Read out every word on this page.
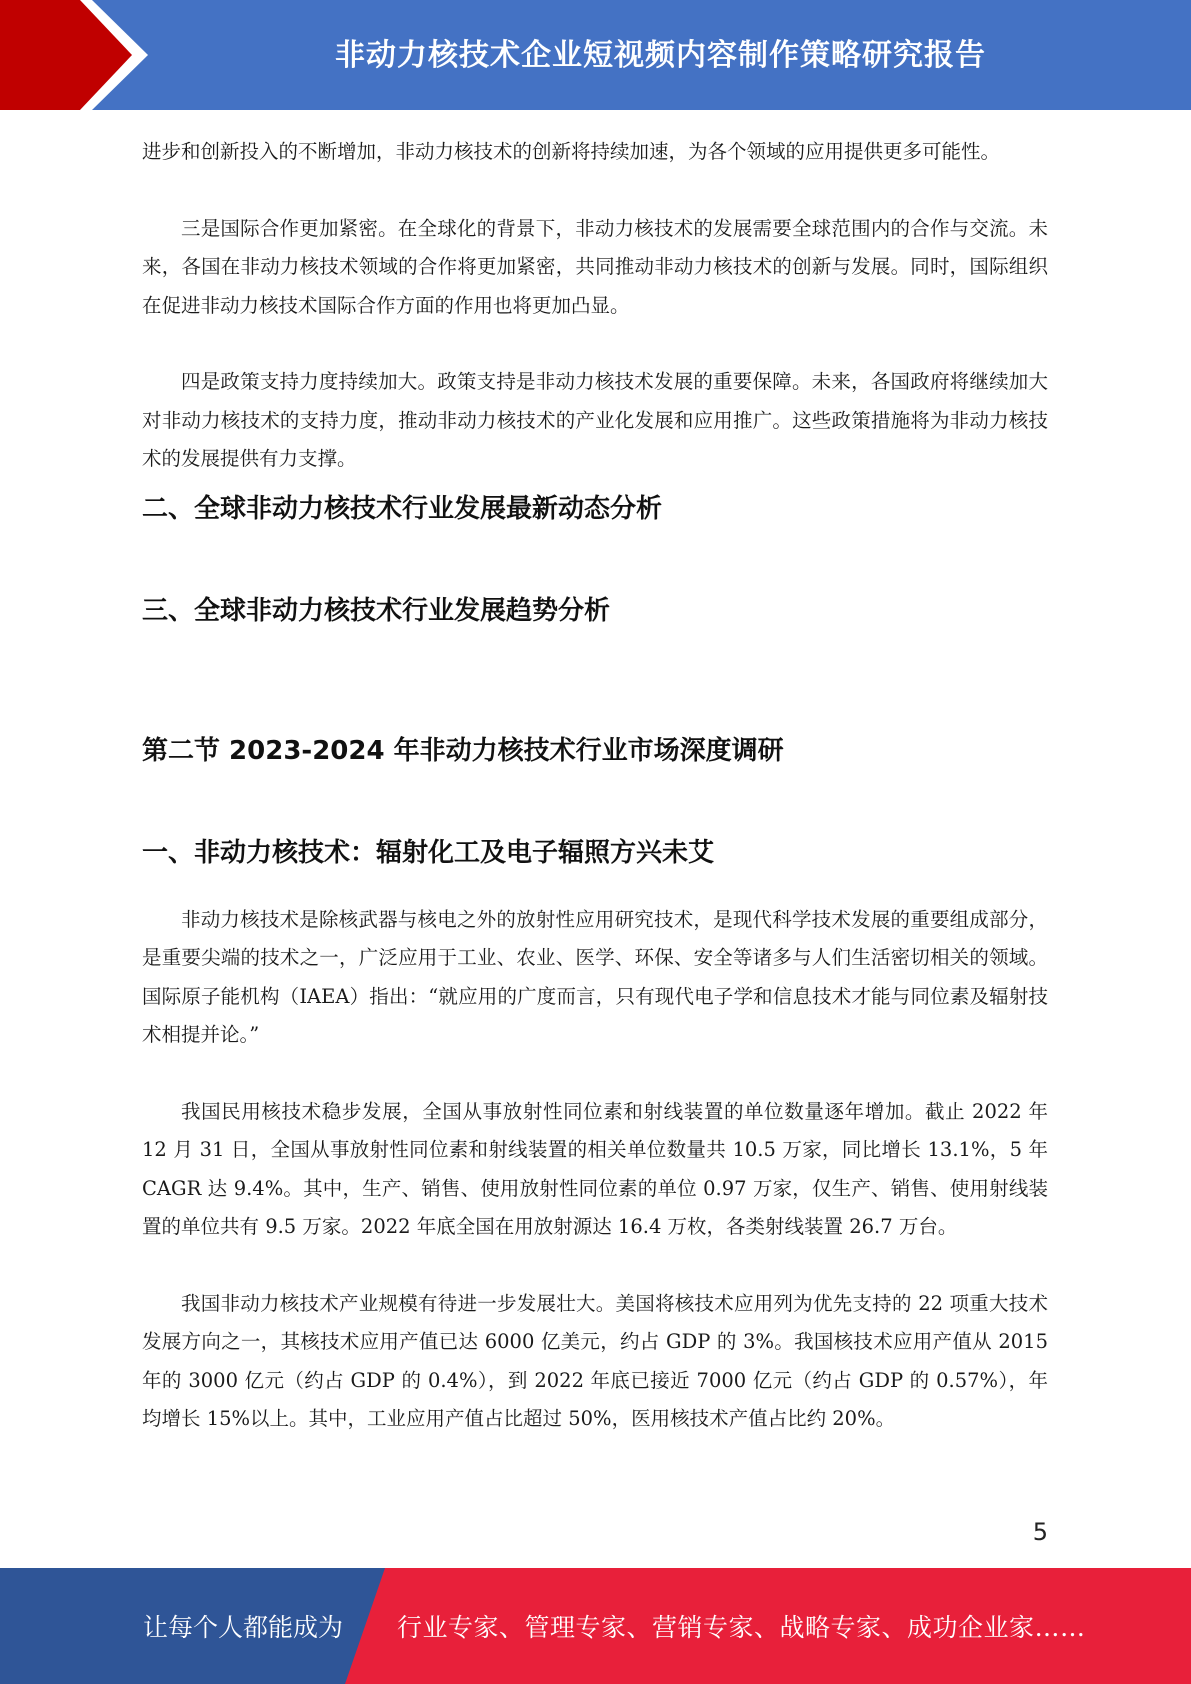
非动力核技术企业短视频内容制作策略研究报告

进步和创新投入的不断增加，非动力核技术的创新将持续加速，为各个领域的应用提供更多可能性。

三是国际合作更加紧密。在全球化的背景下，非动力核技术的发展需要全球范围内的合作与交流。未来，各国在非动力核技术领域的合作将更加紧密，共同推动非动力核技术的创新与发展。同时，国际组织在促进非动力核技术国际合作方面的作用也将更加凸显。

四是政策支持力度持续加大。政策支持是非动力核技术发展的重要保障。未来，各国政府将继续加大对非动力核技术的支持力度，推动非动力核技术的产业化发展和应用推广。这些政策措施将为非动力核技术的发展提供有力支撑。

二、全球非动力核技术行业发展最新动态分析
三、全球非动力核技术行业发展趋势分析
第二节 2023-2024 年非动力核技术行业市场深度调研
一、非动力核技术：辐射化工及电子辐照方兴未艾

非动力核技术是除核武器与核电之外的放射性应用研究技术，是现代科学技术发展的重要组成部分，是重要尖端的技术之一，广泛应用于工业、农业、医学、环保、安全等诸多与人们生活密切相关的领域。国际原子能机构（IAEA）指出：“就应用的广度而言，只有现代电子学和信息技术才能与同位素及辐射技术相提并论。”

我国民用核技术稳步发展，全国从事放射性同位素和射线装置的单位数量逐年增加。截止 2022 年 12 月 31 日，全国从事放射性同位素和射线装置的相关单位数量共 10.5 万家，同比增长 13.1%，5 年 CAGR 达 9.4%。其中，生产、销售、使用放射性同位素的单位 0.97 万家，仅生产、销售、使用射线装置的单位共有 9.5 万家。2022 年底全国在用放射源达 16.4 万枚，各类射线装置 26.7 万台。

我国非动力核技术产业规模有待进一步发展壮大。美国将核技术应用列为优先支持的 22 项重大技术发展方向之一，其核技术应用产值已达 6000 亿美元，约占 GDP 的 3%。我国核技术应用产值从 2015 年的 3000 亿元（约占 GDP 的 0.4%），到 2022 年底已接近 7000 亿元（约占 GDP 的 0.57%），年均增长 15%以上。其中，工业应用产值占比超过 50%，医用核技术产值占比约 20%。

5
让每个人都能成为 行业专家、管理专家、营销专家、战略专家、成功企业家……
